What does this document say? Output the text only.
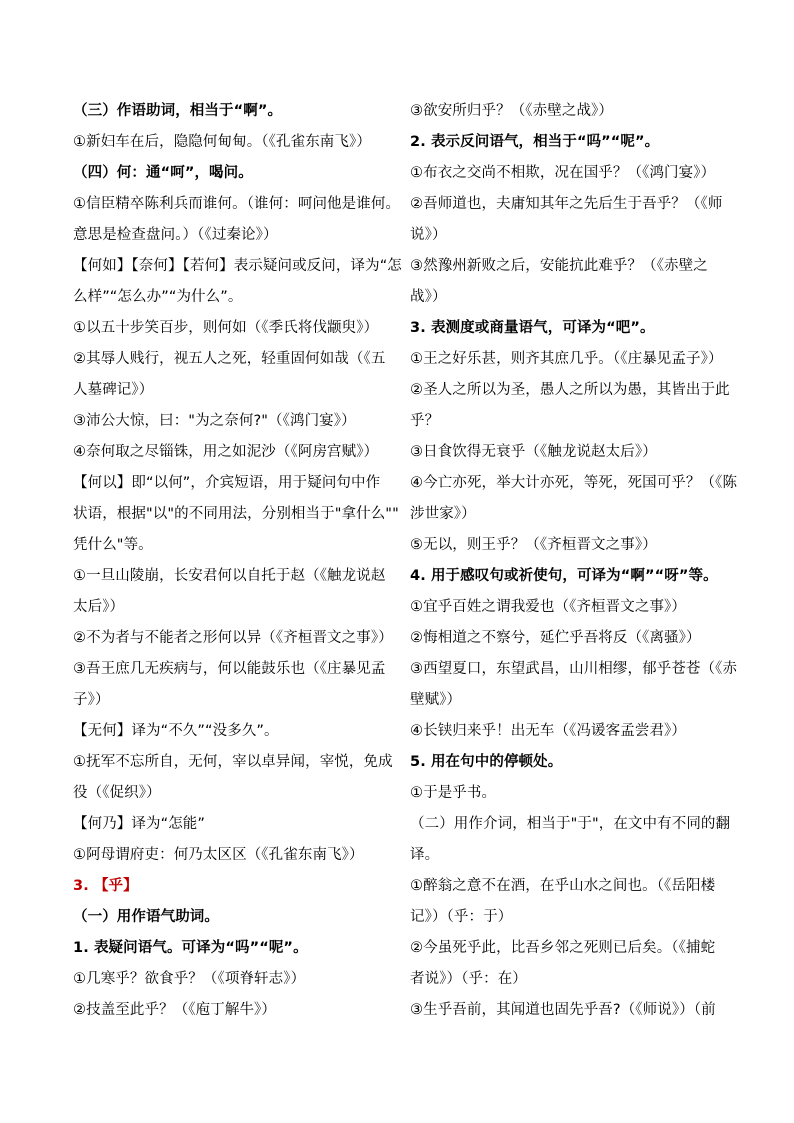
（三）作语助词，相当于“啊”。
①新妇车在后，隐隐何甸甸。（《孔雀东南飞》）
（四）何：通“呵”，喝问。
①信臣精卒陈利兵而谁何。（谁何：呵问他是谁何。
意思是检查盘问。）（《过秦论》）
【何如】【奈何】【若何】表示疑问或反问，译为“怎
么样”“怎么办”“为什么”。
①以五十步笑百步，则何如（《季氏将伐颛臾》）
②其辱人贱行，视五人之死，轻重固何如哉（《五
人墓碑记》）
③沛公大惊，曰："为之奈何?"（《鸿门宴》）
④奈何取之尽锱铢，用之如泥沙（《阿房宫赋》）
【何以】即“以何”，介宾短语，用于疑问句中作
状语，根据"以"的不同用法，分别相当于"拿什么""
凭什么"等。
①一旦山陵崩，长安君何以自托于赵（《触龙说赵
太后》）
②不为者与不能者之形何以异（《齐桓晋文之事》）
③吾王庶几无疾病与，何以能鼓乐也（《庄暴见孟
子》）
【无何】译为“不久”“没多久”。
①抚军不忘所自，无何，宰以卓异闻，宰悦，免成
役（《促织》）
【何乃】译为“怎能”
①阿母谓府吏：何乃太区区（《孔雀东南飞》）
3. 【乎】
（一）用作语气助词。
1. 表疑问语气。可译为“吗”“呢”。
①几寒乎？欲食乎？（《项脊轩志》）
②技盖至此乎？（《庖丁解牛》）
③欲安所归乎？（《赤壁之战》）
2. 表示反问语气，相当于“吗”“呢”。
①布衣之交尚不相欺，况在国乎？（《鸿门宴》）
②吾师道也，夫庸知其年之先后生于吾乎？（《师
说》）
③然豫州新败之后，安能抗此难乎？（《赤壁之
战》）
3. 表测度或商量语气，可译为“吧”。
①王之好乐甚，则齐其庶几乎。（《庄暴见孟子》）
②圣人之所以为圣，愚人之所以为愚，其皆出于此
乎？
③日食饮得无衰乎（《触龙说赵太后》）
④今亡亦死，举大计亦死，等死，死国可乎？（《陈
涉世家》）
⑤无以，则王乎？（《齐桓晋文之事》）
4. 用于感叹句或祈使句，可译为“啊”“呀”等。
①宜乎百姓之谓我爱也（《齐桓晋文之事》）
②悔相道之不察兮，延伫乎吾将反（《离骚》）
③西望夏口，东望武昌，山川相缪，郁乎苍苍（《赤
壁赋》）
④长铗归来乎！出无车（《冯谖客孟尝君》）
5. 用在句中的停顿处。
①于是乎书。
（二）用作介词，相当于"于"，在文中有不同的翻
译。
①醉翁之意不在酒，在乎山水之间也。（《岳阳楼
记》）（乎：于）
②今虽死乎此，比吾乡邻之死则已后矣。（《捕蛇
者说》）（乎：在）
③生乎吾前，其闻道也固先乎吾?（《师说》）（前
